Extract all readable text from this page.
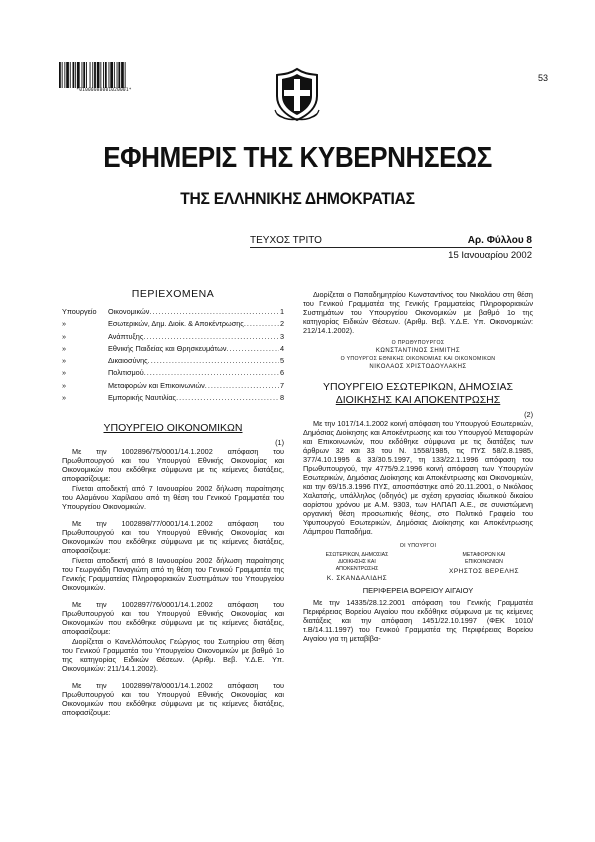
*01000080001020001*
53
ΕΦΗΜΕΡΙΣ ΤΗΣ ΚΥΒΕΡΝΗΣΕΩΣ
ΤΗΣ ΕΛΛΗΝΙΚΗΣ ΔΗΜΟΚΡΑΤΙΑΣ
ΤΕΥΧΟΣ ΤΡΙΤΟ	Αρ. Φύλλου 8
15 Ιανουαρίου 2002
ΠΕΡΙΕΧΟΜΕΝΑ
Υπουργείο	Οικονομικών .....	1
»	Εσωτερικών, Δημ. Διοίκ. & Αποκέντρωσης .....	2
»	Ανάπτυξης .....	3
»	Εθνικής Παιδείας και Θρησκευμάτων .....	4
»	Δικαιοσύνης .....	5
»	Πολιτισμού .....	6
»	Μεταφορών και Επικοινωνιών .....	7
»	Εμπορικής Ναυτιλίας .....	8
ΥΠΟΥΡΓΕΙΟ ΟΙΚΟΝΟΜΙΚΩΝ
(1)

Με την 1002896/75/0001/14.1.2002 απόφαση του Πρωθυπουργού και του Υπουργού Εθνικής Οικονομίας και Οικονομικών που εκδόθηκε σύμφωνα με τις κείμενες διατάξεις, αποφασίζουμε:

Γίνεται αποδεκτή από 7 Ιανουαρίου 2002 δήλωση παραίτησης του Αλαμάνου Χαρίλαου από τη θέση του Γενικού Γραμματέα του Υπουργείου Οικονομικών.

Με την 1002898/77/0001/14.1.2002 απόφαση του Πρωθυπουργού και του Υπουργού Εθνικής Οικονομίας και Οικονομικών που εκδόθηκε σύμφωνα με τις κείμενες διατάξεις, αποφασίζουμε:

Γίνεται αποδεκτή από 8 Ιανουαρίου 2002 δήλωση παραίτησης του Γεωργιάδη Παναγιώτη από τη θέση του Γενικού Γραμματέα της Γενικής Γραμματείας Πληροφοριακών Συστημάτων του Υπουργείου Οικονομικών.

Με την 1002897/76/0001/14.1.2002 απόφαση του Πρωθυπουργού και του Υπουργού Εθνικής Οικονομίας και Οικονομικών που εκδόθηκε σύμφωνα με τις κείμενες διατάξεις, αποφασίζουμε:

Διορίζεται ο Κανελλόπουλος Γεώργιος του Σωτηρίου στη θέση του Γενικού Γραμματέα του Υπουργείου Οικονομικών με βαθμό 1ο της κατηγορίας Ειδικών Θέσεων. (Αριθμ. Βεβ. Υ.Δ.Ε. Υπ. Οικονομικών: 211/14.1.2002).

Με την 1002899/78/0001/14.1.2002 απόφαση του Πρωθυπουργού και του Υπουργού Εθνικής Οικονομίας και Οικονομικών που εκδόθηκε σύμφωνα με τις κείμενες διατάξεις, αποφασίζουμε:

Διορίζεται ο Παπαδημητρίου Κωνσταντίνος του Νικολάου στη θέση του Γενικού Γραμματέα της Γενικής Γραμματείας Πληροφοριακών Συστημάτων του Υπουργείου Οικονομικών με βαθμό 1ο της κατηγορίας Ειδικών Θέσεων. (Αριθμ. Βεβ. Υ.Δ.Ε. Υπ. Οικονομικών: 212/14.1.2002).

Ο ΠΡΩΘΥΠΟΥΡΓΟΣ
ΚΩΝΣΤΑΝΤΙΝΟΣ ΣΗΜΙΤΗΣ
Ο ΥΠΟΥΡΓΟΣ ΕΘΝΙΚΗΣ ΟΙΚΟΝΟΜΙΑΣ ΚΑΙ ΟΙΚΟΝΟΜΙΚΩΝ
ΝΙΚΟΛΑΟΣ ΧΡΙΣΤΟΔΟΥΛΑΚΗΣ
ΥΠΟΥΡΓΕΙΟ ΕΣΩΤΕΡΙΚΩΝ, ΔΗΜΟΣΙΑΣ
ΔΙΟΙΚΗΣΗΣ ΚΑΙ ΑΠΟΚΕΝΤΡΩΣΗΣ
(2)

Με την 1017/14.1.2002 κοινή απόφαση του Υπουργού Εσωτερικών, Δημόσιας Διοίκησης και Αποκέντρωσης και του Υπουργού Μεταφορών και Επικοινωνιών, που εκδόθηκε σύμφωνα με τις διατάξεις των άρθρων 32 και 33 του Ν. 1558/1985, τις ΠΥΣ 58/2.8.1985, 377/4.10.1995 & 33/30.5.1997, τη 133/22.1.1996 απόφαση του Πρωθυπουργού, την 4775/9.2.1996 κοινή απόφαση των Υπουργών Εσωτερικών, Δημόσιας Διοίκησης και Αποκέντρωσης και Οικονομικών, και την 69/15.3.1996 ΠΥΣ, αποσπάστηκε από 20.11.2001, ο Νικόλαος Χαλατσής, υπάλληλος (οδηγός) με σχέση εργασίας ιδιωτικού δικαίου αορίστου χρόνου με Α.Μ. 9303, των ΗΛΠΑΠ Α.Ε., σε συνιστώμενη οργανική θέση προσωπικής θέσης, στο Πολιτικό Γραφείο του Υφυπουργού Εσωτερικών, Δημόσιας Διοίκησης και Αποκέντρωσης Λάμπρου Παπαδήμα.

ΟΙ ΥΠΟΥΡΓΟΙ
ΕΣΩΤΕΡΙΚΩΝ, ΔΗΜΟΣΙΑΣ ΔΙΟΙΚΗΣΗΣ ΚΑΙ ΑΠΟΚΕΝΤΡΩΣΗΣ
Κ. ΣΚΑΝΔΑΛΙΔΗΣ
ΜΕΤΑΦΟΡΩΝ ΚΑΙ ΕΠΙΚΟΙΝΩΝΙΩΝ
ΧΡΗΣΤΟΣ ΒΕΡΕΛΗΣ
ΠΕΡΙΦΕΡΕΙΑ ΒΟΡΕΙΟΥ ΑΙΓΑΙΟΥ

Με την 14335/28.12.2001 απόφαση του Γενικής Γραμματέα Περιφέρειας Βορείου Αιγαίου που εκδόθηκε σύμφωνα με τις κείμενες διατάξεις και την απόφαση 1451/22.10.1997 (ΦΕΚ 1010/τ.Β/14.11.1997) του Γενικού Γραμματέα της Περιφέρειας Βορείου Αιγαίου για τη μεταβίβα-
